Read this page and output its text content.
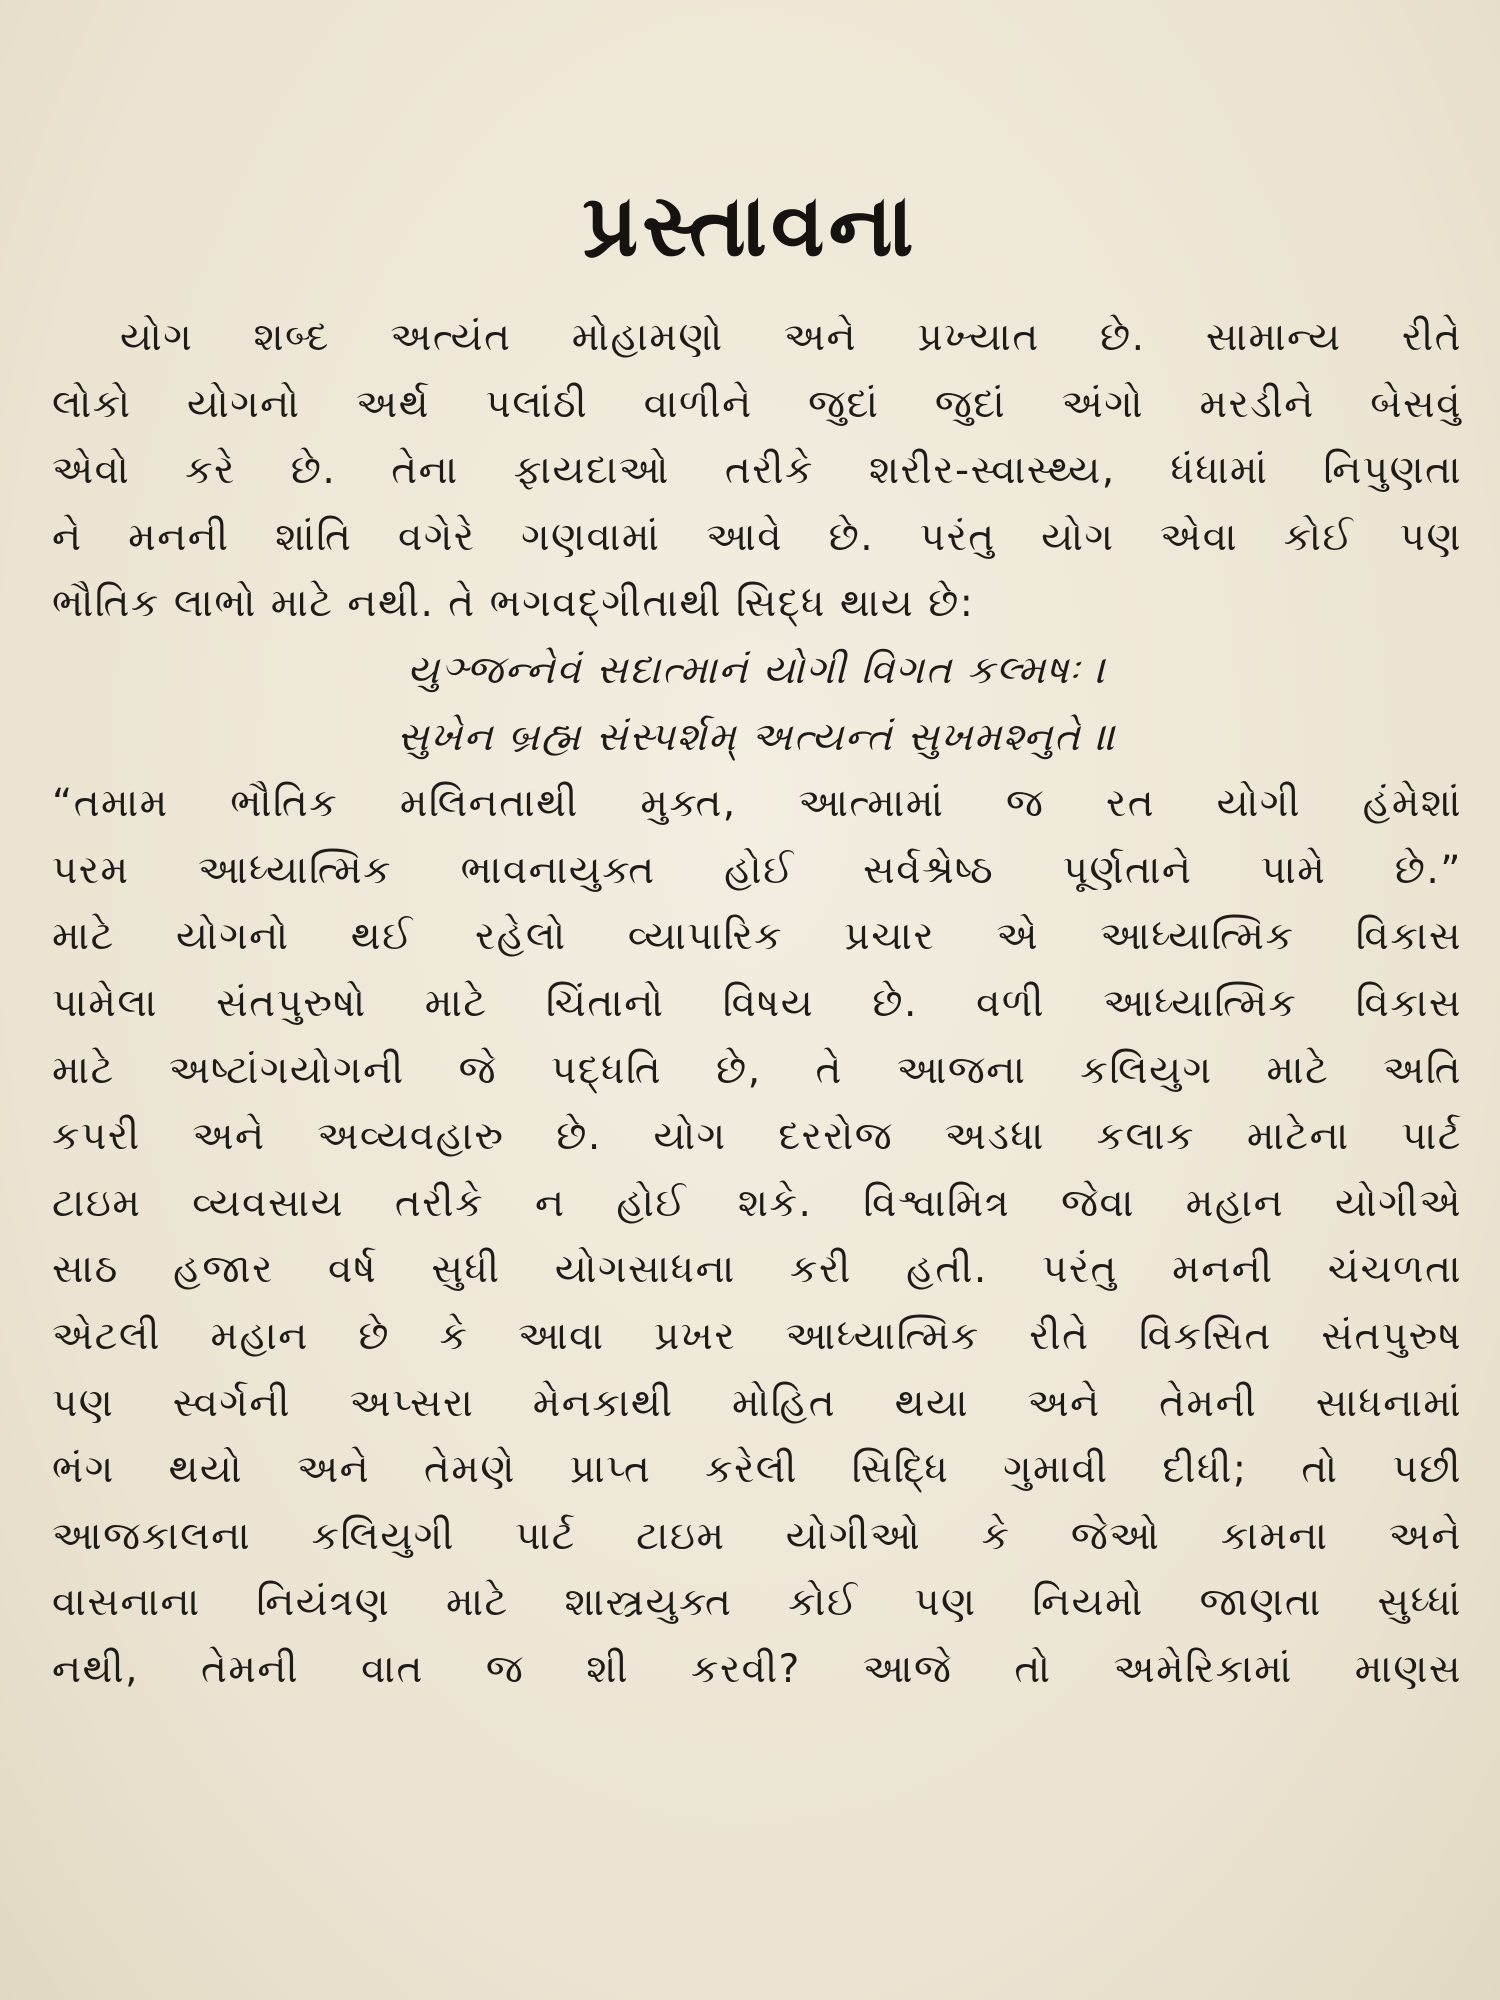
પ્રસ્તાવના
યોગ શબ્દ અત્યંત મોહામણો અને પ્રખ્યાત છે. સામાન્ય રીતે
લોકો યોગનો અર્થ પલાંઠી વાળીને જુદાં જુદાં અંગો મરડીને બેસવું
એવો કરે છે. તેના ફાયદાઓ તરીકે શરીર-સ્વાસ્થ્ય, ધંધામાં નિપુણતા
ને મનની શાંતિ વગેરે ગણવામાં આવે છે. પરંતુ યોગ એવા કોઈ પણ
ભૌતિક લાભો માટે નથી. તે ભગવદ્ગીતાથી સિદ્ધ થાય છે:
યુઞ્જન્નેવં સદાત્માનં યોગી વિગત કલ્મષઃ ।
સુખેન બ્રહ્મ સંસ્પર્શમ્ અત્યન્તં સુખમશ્નુતે ॥
“તમામ ભૌતિક મલિનતાથી મુક્ત, આત્મામાં જ રત યોગી હંમેશાં
પરમ આધ્યાત્મિક ભાવનાયુક્ત હોઈ સર્વશ્રેષ્ઠ પૂર્ણતાને પામે છે.”
માટે યોગનો થઈ રહેલો વ્યાપારિક પ્રચાર એ આધ્યાત્મિક વિકાસ
પામેલા સંતપુરુષો માટે ચિંતાનો વિષય છે. વળી આધ્યાત્મિક વિકાસ
માટે અષ્ટાંગયોગની જે પદ્ધતિ છે, તે આજના કલિયુગ માટે અતિ
કપરી અને અવ્યવહારુ છે. યોગ દરરોજ અડધા કલાક માટેના પાર્ટ
ટાઇમ વ્યવસાય તરીકે ન હોઈ શકે. વિશ્વામિત્ર જેવા મહાન યોગીએ
સાઠ હજાર વર્ષ સુધી યોગસાધના કરી હતી. પરંતુ મનની ચંચળતા
એટલી મહાન છે કે આવા પ્રખર આધ્યાત્મિક રીતે વિકસિત સંતપુરુષ
પણ સ્વર્ગની અપ્સરા મેનકાથી મોહિત થયા અને તેમની સાધનામાં
ભંગ થયો અને તેમણે પ્રાપ્ત કરેલી સિદ્ધિ ગુમાવી દીધી; તો પછી
આજકાલના કલિયુગી પાર્ટ ટાઇમ યોગીઓ કે જેઓ કામના અને
વાસનાના નિયંત્રણ માટે શાસ્ત્રયુક્ત કોઈ પણ નિયમો જાણતા સુધ્ધાં
નથી, તેમની વાત જ શી કરવી? આજે તો અમેરિકામાં માણસ
